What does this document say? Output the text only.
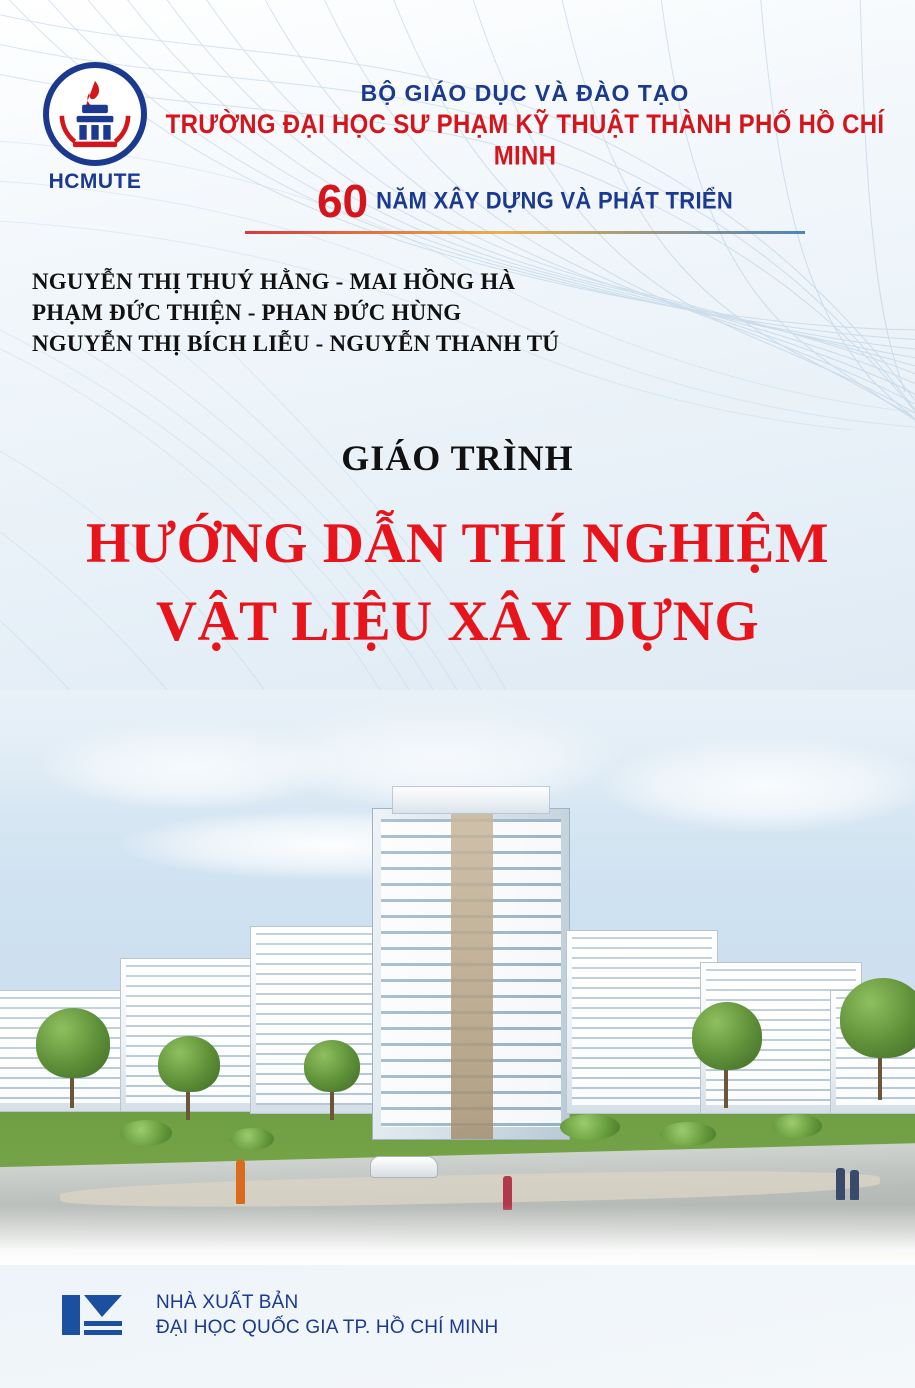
HCMUTE
BỘ GIÁO DỤC VÀ ĐÀO TẠO
TRƯỜNG ĐẠI HỌC SƯ PHẠM KỸ THUẬT THÀNH PHỐ HỒ CHÍ MINH
60 NĂM XÂY DỰNG VÀ PHÁT TRIỂN
NGUYỄN THỊ THUÝ HẰNG - MAI HỒNG HÀ
PHẠM ĐỨC THIỆN - PHAN ĐỨC HÙNG
NGUYỄN THỊ BÍCH LIỄU - NGUYỄN THANH TÚ
GIÁO TRÌNH
HƯỚNG DẪN THÍ NGHIỆM
VẬT LIỆU XÂY DỰNG
NHÀ XUẤT BẢN
ĐẠI HỌC QUỐC GIA TP. HỒ CHÍ MINH
